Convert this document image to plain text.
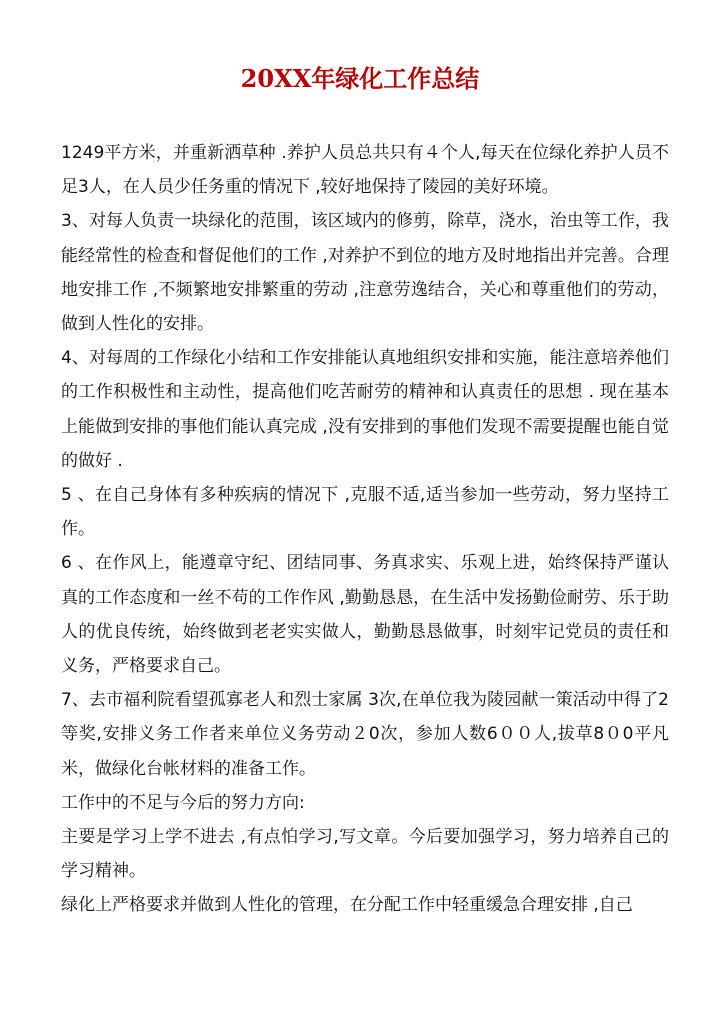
20XX年绿化工作总结

1249平方米，并重新洒草种 .养护人员总共只有４个人,每天在位绿化养护人员不足3人，在人员少任务重的情况下 ,较好地保持了陵园的美好环境。

3、对每人负责一块绿化的范围，该区域内的修剪，除草，浇水，治虫等工作，我能经常性的检查和督促他们的工作 ,对养护不到位的地方及时地指出并完善。合理地安排工作 ,不频繁地安排繁重的劳动 ,注意劳逸结合，关心和尊重他们的劳动，做到人性化的安排。

4、对每周的工作绿化小结和工作安排能认真地组织安排和实施，能注意培养他们的工作积极性和主动性，提高他们吃苦耐劳的精神和认真责任的思想 . 现在基本上能做到安排的事他们能认真完成 ,没有安排到的事他们发现不需要提醒也能自觉的做好 .

5 、在自己身体有多种疾病的情况下 ,克服不适,适当参加一些劳动，努力坚持工作。

6 、在作风上，能遵章守纪、团结同事、务真求实、乐观上进，始终保持严谨认真的工作态度和一丝不苟的工作作风 ,勤勤恳恳，在生活中发扬勤俭耐劳、乐于助人的优良传统，始终做到老老实实做人，勤勤恳恳做事，时刻牢记党员的责任和义务，严格要求自己。

7、去市福利院看望孤寡老人和烈士家属 3次,在单位我为陵园献一策活动中得了2等奖,安排义务工作者来单位义务劳动２0次，参加人数6００人,拔草8０0平凡米，做绿化台帐材料的准备工作。

工作中的不足与今后的努力方向:

主要是学习上学不进去 ,有点怕学习,写文章。今后要加强学习，努力培养自己的学习精神。

绿化上严格要求并做到人性化的管理，在分配工作中轻重缓急合理安排 ,自己
